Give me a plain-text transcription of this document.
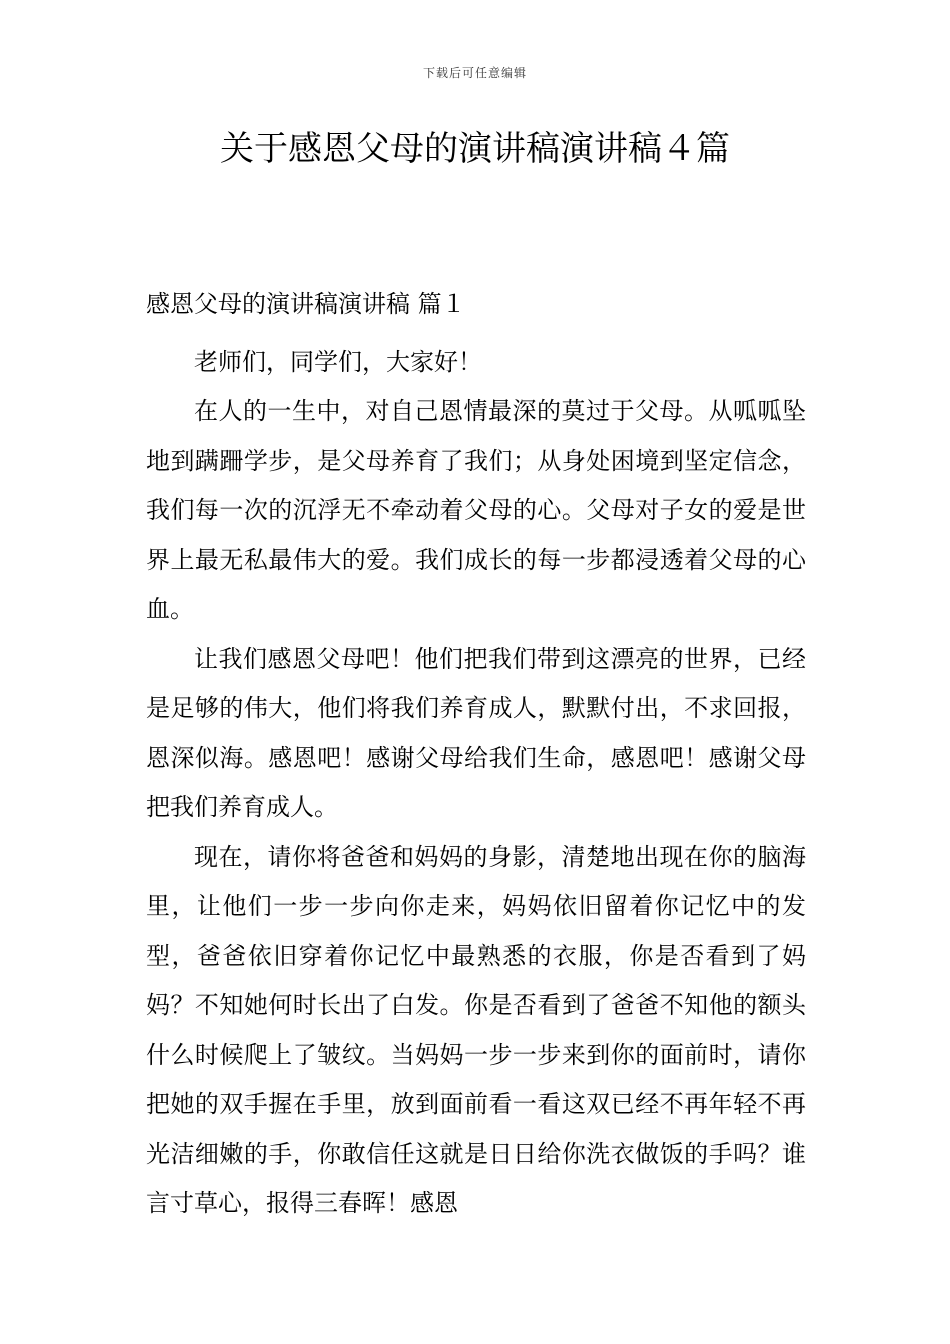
下载后可任意编辑
关于感恩父母的演讲稿演讲稿４篇

感恩父母的演讲稿演讲稿 篇１

老师们，同学们，大家好！

在人的一生中，对自己恩情最深的莫过于父母。从呱呱坠地到蹒跚学步，是父母养育了我们；从身处困境到坚定信念，我们每一次的沉浮无不牵动着父母的心。父母对子女的爱是世界上最无私最伟大的爱。我们成长的每一步都浸透着父母的心血。

让我们感恩父母吧！他们把我们带到这漂亮的世界，已经是足够的伟大，他们将我们养育成人，默默付出，不求回报，恩深似海。感恩吧！感谢父母给我们生命，感恩吧！感谢父母把我们养育成人。

现在，请你将爸爸和妈妈的身影，清楚地出现在你的脑海里，让他们一步一步向你走来，妈妈依旧留着你记忆中的发型，爸爸依旧穿着你记忆中最熟悉的衣服，你是否看到了妈妈？不知她何时长出了白发。你是否看到了爸爸不知他的额头什么时候爬上了皱纹。当妈妈一步一步来到你的面前时，请你把她的双手握在手里，放到面前看一看这双已经不再年轻不再光洁细嫩的手，你敢信任这就是日日给你洗衣做饭的手吗？谁言寸草心，报得三春晖！感恩
